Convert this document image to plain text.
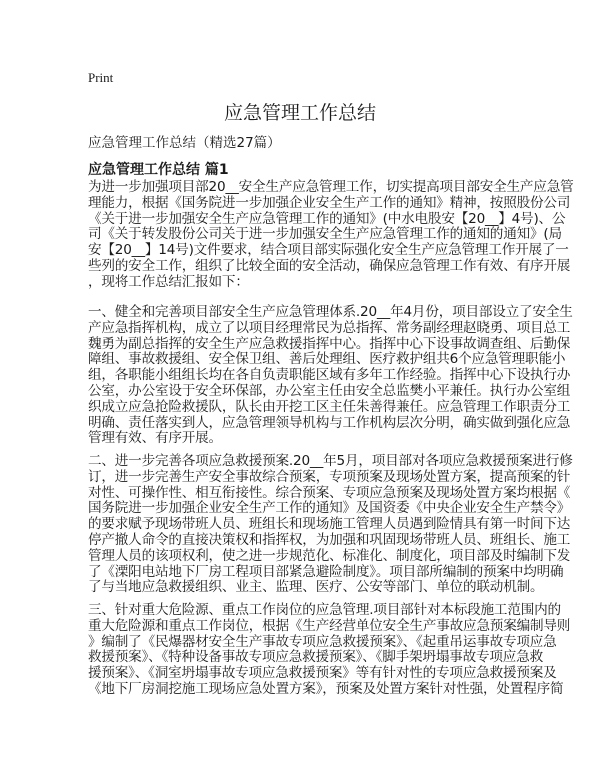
Print
应急管理工作总结
应急管理工作总结（精选27篇）
应急管理工作总结 篇1
为进一步加强项目部20__安全生产应急管理工作，切实提高项目部安全生产应急管
理能力，根据《国务院进一步加强企业安全生产工作的通知》精神，按照股份公司
《关于进一步加强安全生产应急管理工作的通知》(中水电股安【20__】4号)、公
司《关于转发股份公司关于进一步加强安全生产应急管理工作的通知的通知》(局
安【20__】14号)文件要求，结合项目部实际强化安全生产应急管理工作开展了一
些列的安全工作，组织了比较全面的安全活动，确保应急管理工作有效、有序开展
，现将工作总结汇报如下：
一、健全和完善项目部安全生产应急管理体系.20__年4月份，项目部设立了安全生
产应急指挥机构，成立了以项目经理常民为总指挥、常务副经理赵晓勇、项目总工
魏勇为副总指挥的安全生产应急救援指挥中心。指挥中心下设事故调查组、后勤保
障组、事故救援组、安全保卫组、善后处理组、医疗救护组共6个应急管理职能小
组，各职能小组组长均在各自负责职能区域有多年工作经验。指挥中心下设执行办
公室，办公室设于安全环保部，办公室主任由安全总监樊小平兼任。执行办公室组
织成立应急抢险救援队，队长由开挖工区主任朱善得兼任。应急管理工作职责分工
明确、责任落实到人，应急管理领导机构与工作机构层次分明，确实做到强化应急
管理有效、有序开展。
二、进一步完善各项应急救援预案.20__年5月，项目部对各项应急救援预案进行修
订，进一步完善生产安全事故综合预案，专项预案及现场处置方案，提高预案的针
对性、可操作性、相互衔接性。综合预案、专项应急预案及现场处置方案均根据《
国务院进一步加强企业安全生产工作的通知》及国资委《中央企业安全生产禁令》
的要求赋予现场带班人员、班组长和现场施工管理人员遇到险情具有第一时间下达
停产撤人命令的直接决策权和指挥权，为加强和巩固现场带班人员、班组长、施工
管理人员的该项权利，使之进一步规范化、标准化、制度化，项目部及时编制下发
了《溧阳电站地下厂房工程项目部紧急避险制度》。项目部所编制的预案中均明确
了与当地应急救援组织、业主、监理、医疗、公安等部门、单位的联动机制。
三、针对重大危险源、重点工作岗位的应急管理.项目部针对本标段施工范围内的
重大危险源和重点工作岗位，根据《生产经营单位安全生产事故应急预案编制导则
》编制了《民爆器材安全生产事故专项应急救援预案》、《起重吊运事故专项应急
救援预案》、《特种设备事故专项应急救援预案》、《脚手架坍塌事故专项应急救
援预案》、《洞室坍塌事故专项应急救援预案》等有针对性的专项应急救援预案及
《地下厂房洞挖施工现场应急处置方案》，预案及处置方案针对性强，处置程序简
